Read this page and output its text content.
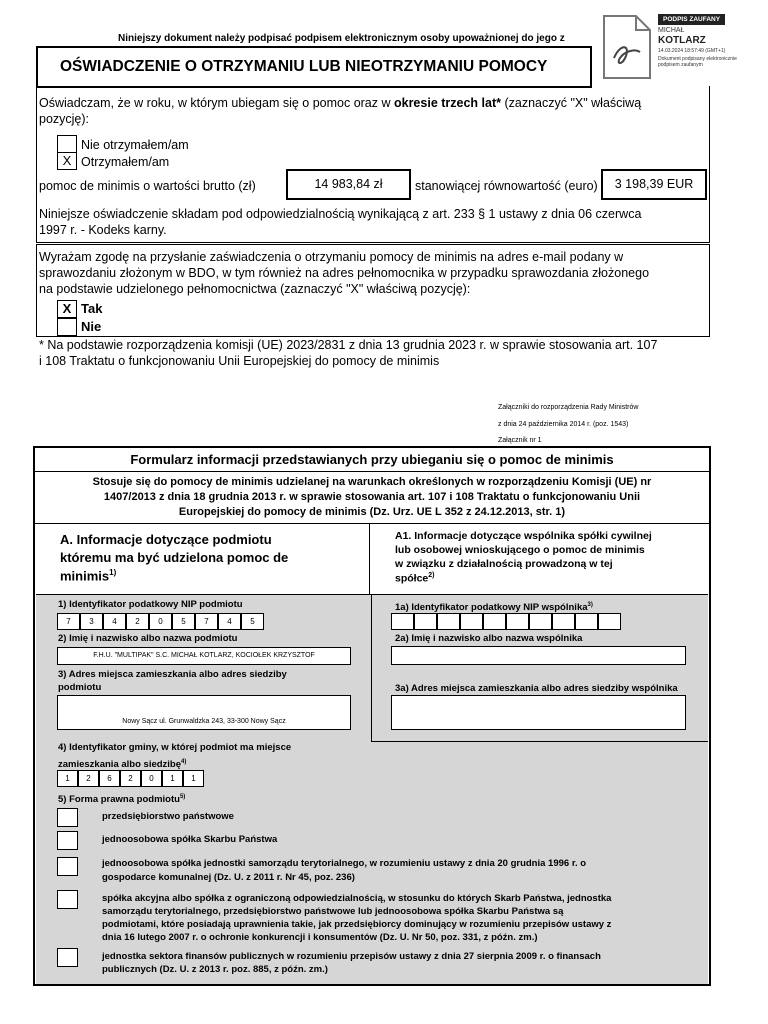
Niniejszy dokument należy podpisać podpisem elektronicznym osoby upoważnionej do jego z
PODPIS ZAUFANY
MICHAŁ
KOTLARZ
14.03.2024 18:57:49 (GMT+1)
Dokument podpisany elektronicznie
podpisem zaufanym
OŚWIADCZENIE O OTRZYMANIU LUB NIEOTRZYMANIU POMOCY
Oświadczam, że w roku, w którym ubiegam się o pomoc oraz w okresie trzech lat* (zaznaczyć "X" właściwą
pozycję):
Nie otrzymałem/am
X Otrzymałem/am
pomoc de minimis o wartości brutto (zł)	14 983,84 zł	stanowiącej równowartość (euro)	3 198,39 EUR
Niniejsze oświadczenie składam pod odpowiedzialnością wynikającą z art. 233 § 1 ustawy z dnia 06 czerwca
1997 r. - Kodeks karny.
Wyrażam zgodę na przysłanie zaświadczenia o otrzymaniu pomocy de minimis na adres e-mail podany w
sprawozdaniu złożonym w BDO, w tym również na adres pełnomocnika w przypadku sprawozdania złożonego
na podstawie udzielonego pełnomocnictwa (zaznaczyć "X" właściwą pozycję):
X Tak
Nie
* Na podstawie rozporządzenia komisji (UE) 2023/2831 z dnia 13 grudnia 2023 r. w sprawie stosowania art. 107
i 108 Traktatu o funkcjonowaniu Unii Europejskiej do pomocy de minimis
Załączniki do rozporządzenia Rady Ministrów
z dnia 24 października 2014 r. (poz. 1543)
Załącznik nr 1
Formularz informacji przedstawianych przy ubieganiu się o pomoc de minimis
Stosuje się do pomocy de minimis udzielanej na warunkach określonych w rozporządzeniu Komisji (UE) nr
1407/2013 z dnia 18 grudnia 2013 r. w sprawie stosowania art. 107 i 108 Traktatu o funkcjonowaniu Unii
Europejskiej do pomocy de minimis (Dz. Urz. UE L 352 z 24.12.2013, str. 1)
A. Informacje dotyczące podmiotu
któremu ma być udzielona pomoc de
minimis$^{1)}$
A1. Informacje dotyczące wspólnika spółki cywilnej
lub osobowej wnioskującego o pomoc de minimis
w związku z działalnością prowadzoną w tej
spółce$^{2)}$
1) Identyfikator podatkowy NIP podmiotu
7	3	4	2	0	5	7	4	5
1a) Identyfikator podatkowy NIP wspólnika$^{3)}$
2) Imię i nazwisko albo nazwa podmiotu
F.H.U. "MULTIPAK" S.C. MICHAŁ KOTLARZ, KOCIOŁEK KRZYSZTOF
2a) Imię i nazwisko albo nazwa wspólnika
3) Adres miejsca zamieszkania albo adres siedziby
podmiotu
Nowy Sącz ul. Grunwaldzka 243, 33-300 Nowy Sącz
3a) Adres miejsca zamieszkania albo adres siedziby wspólnika
4) Identyfikator gminy, w której podmiot ma miejsce
zamieszkania albo siedzibę$^{4)}$
1	2	6	2	0	1	1
5) Forma prawna podmiotu$^{5)}$
przedsiębiorstwo państwowe
jednoosobowa spółka Skarbu Państwa
jednoosobowa spółka jednostki samorządu terytorialnego, w rozumieniu ustawy z dnia 20 grudnia 1996 r. o
gospodarce komunalnej (Dz. U. z 2011 r. Nr 45, poz. 236)
spółka akcyjna albo spółka z ograniczoną odpowiedzialnością, w stosunku do których Skarb Państwa, jednostka
samorządu terytorialnego, przedsiębiorstwo państwowe lub jednoosobowa spółka Skarbu Państwa są
podmiotami, które posiadają uprawnienia takie, jak przedsiębiorcy dominujący w rozumieniu przepisów ustawy z
dnia 16 lutego 2007 r. o ochronie konkurencji i konsumentów (Dz. U. Nr 50, poz. 331, z późn. zm.)
jednostka sektora finansów publicznych w rozumieniu przepisów ustawy z dnia 27 sierpnia 2009 r. o finansach
publicznych (Dz. U. z 2013 r. poz. 885, z późn. zm.)
